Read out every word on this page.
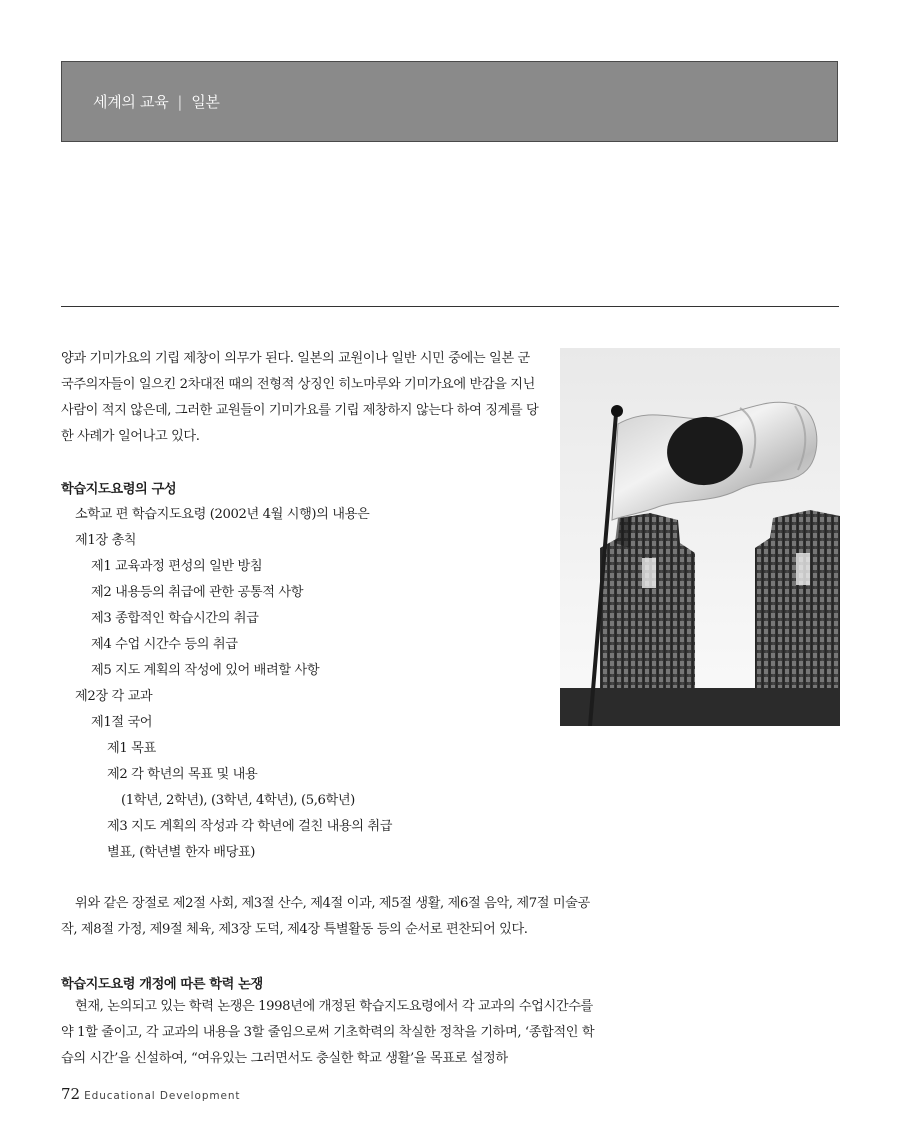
세계의 교육 | 일본
양과 기미가요의 기립 제창이 의무가 된다. 일본의 교원이나 일반 시민 중에는 일본 군국주의자들이 일으킨 2차대전 때의 전형적 상징인 히노마루와 기미가요에 반감을 지닌 사람이 적지 않은데, 그러한 교원들이 기미가요를 기립 제창하지 않는다 하여 징계를 당한 사례가 일어나고 있다.
학습지도요령의 구성
소학교 편 학습지도요령 (2002년 4월 시행)의 내용은
제1장 총칙
제1 교육과정 편성의 일반 방침
제2 내용등의 취급에 관한 공통적 사항
제3 종합적인 학습시간의 취급
제4 수업 시간수 등의 취급
제5 지도 계획의 작성에 있어 배려할 사항
제2장 각 교과
제1절 국어
제1 목표
제2 각 학년의 목표 및 내용
(1학년, 2학년), (3학년, 4학년), (5,6학년)
제3 지도 계획의 작성과 각 학년에 걸친 내용의 취급
별표, (학년별 한자 배당표)
위와 같은 장절로 제2절 사회, 제3절 산수, 제4절 이과, 제5절 생활, 제6절 음악, 제7절 미술공작, 제8절 가정, 제9절 체육, 제3장 도덕, 제4장 특별활동 등의 순서로 편찬되어 있다.
학습지도요령 개정에 따른 학력 논쟁
현재, 논의되고 있는 학력 논쟁은 1998년에 개정된 학습지도요령에서 각 교과의 수업시간수를 약 1할 줄이고, 각 교과의 내용을 3할 줄임으로써 기초학력의 착실한 정착을 기하며, ‘종합적인 학습의 시간’을 신설하여, “여유있는 그러면서도 충실한 학교 생활’을 목표로 설정하
72 Educational Development
